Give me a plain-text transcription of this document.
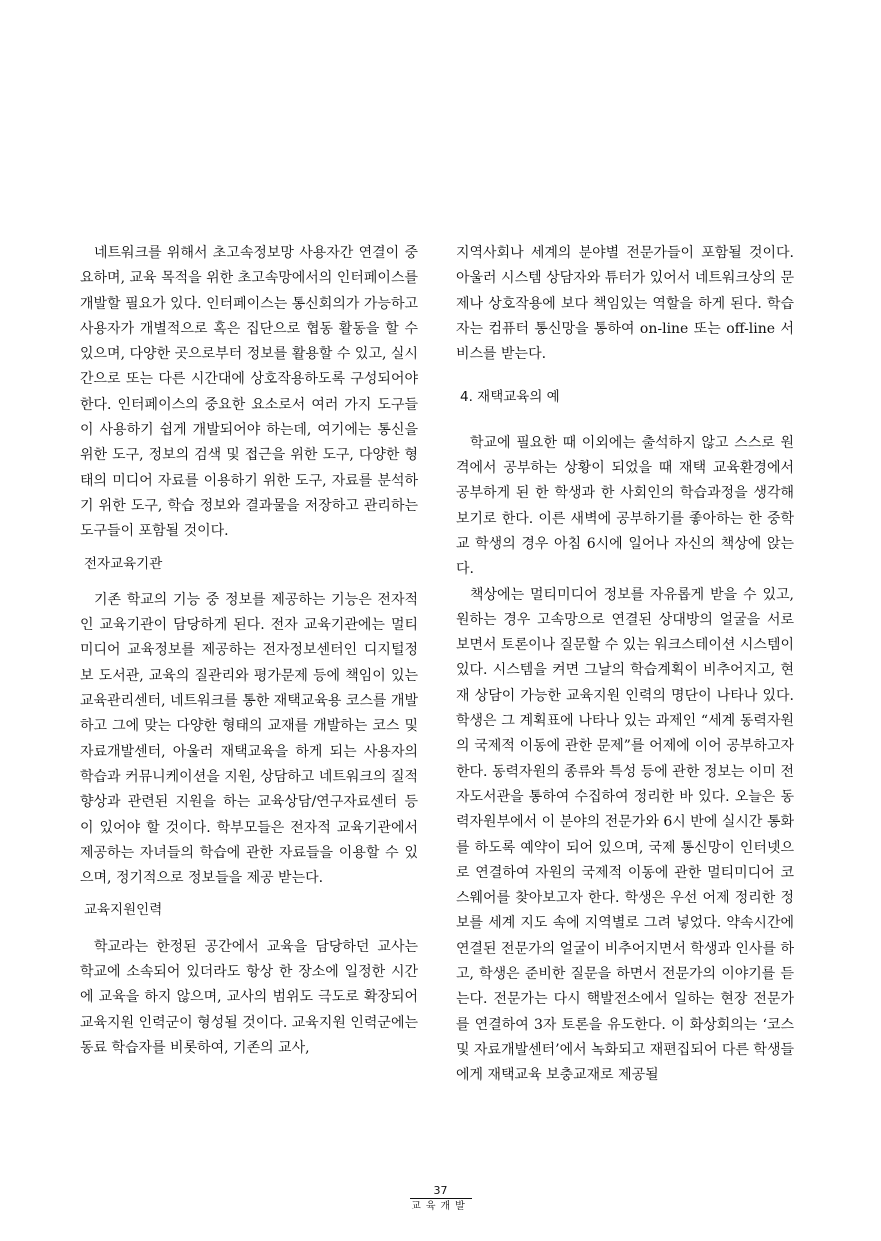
네트워크를 위해서 초고속정보망 사용자간 연결이 중요하며, 교육 목적을 위한 초고속망에서의 인터페이스를 개발할 필요가 있다. 인터페이스는 통신회의가 가능하고 사용자가 개별적으로 혹은 집단으로 협동 활동을 할 수 있으며, 다양한 곳으로부터 정보를 활용할 수 있고, 실시간으로 또는 다른 시간대에 상호작용하도록 구성되어야 한다. 인터페이스의 중요한 요소로서 여러 가지 도구들이 사용하기 쉽게 개발되어야 하는데, 여기에는 통신을 위한 도구, 정보의 검색 및 접근을 위한 도구, 다양한 형태의 미디어 자료를 이용하기 위한 도구, 자료를 분석하기 위한 도구, 학습 정보와 결과물을 저장하고 관리하는 도구들이 포함될 것이다.

전자교육기관

기존 학교의 기능 중 정보를 제공하는 기능은 전자적인 교육기관이 담당하게 된다. 전자 교육기관에는 멀티미디어 교육정보를 제공하는 전자정보센터인 디지털정보 도서관, 교육의 질관리와 평가문제 등에 책임이 있는 교육관리센터, 네트워크를 통한 재택교육용 코스를 개발하고 그에 맞는 다양한 형태의 교재를 개발하는 코스 및 자료개발센터, 아울러 재택교육을 하게 되는 사용자의 학습과 커뮤니케이션을 지원, 상담하고 네트워크의 질적 향상과 관련된 지원을 하는 교육상담/연구자료센터 등이 있어야 할 것이다. 학부모들은 전자적 교육기관에서 제공하는 자녀들의 학습에 관한 자료들을 이용할 수 있으며, 정기적으로 정보들을 제공 받는다.

교육지원인력

학교라는 한정된 공간에서 교육을 담당하던 교사는 학교에 소속되어 있더라도 항상 한 장소에 일정한 시간에 교육을 하지 않으며, 교사의 범위도 극도로 확장되어 교육지원 인력군이 형성될 것이다. 교육지원 인력군에는 동료 학습자를 비롯하여, 기존의 교사,

지역사회나 세계의 분야별 전문가들이 포함될 것이다. 아울러 시스템 상담자와 튜터가 있어서 네트워크상의 문제나 상호작용에 보다 책임있는 역할을 하게 된다. 학습자는 컴퓨터 통신망을 통하여 on-line 또는 off-line 서비스를 받는다.

4. 재택교육의 예

학교에 필요한 때 이외에는 출석하지 않고 스스로 원격에서 공부하는 상황이 되었을 때 재택 교육환경에서 공부하게 된 한 학생과 한 사회인의 학습과정을 생각해 보기로 한다. 이른 새벽에 공부하기를 좋아하는 한 중학교 학생의 경우 아침 6시에 일어나 자신의 책상에 앉는다.

책상에는 멀티미디어 정보를 자유롭게 받을 수 있고, 원하는 경우 고속망으로 연결된 상대방의 얼굴을 서로 보면서 토론이나 질문할 수 있는 워크스테이션 시스템이 있다. 시스템을 켜면 그날의 학습계획이 비추어지고, 현재 상담이 가능한 교육지원 인력의 명단이 나타나 있다. 학생은 그 계획표에 나타나 있는 과제인 “세계 동력자원의 국제적 이동에 관한 문제”를 어제에 이어 공부하고자 한다. 동력자원의 종류와 특성 등에 관한 정보는 이미 전자도서관을 통하여 수집하여 정리한 바 있다. 오늘은 동력자원부에서 이 분야의 전문가와 6시 반에 실시간 통화를 하도록 예약이 되어 있으며, 국제 통신망이 인터넷으로 연결하여 자원의 국제적 이동에 관한 멀티미디어 코스웨어를 찾아보고자 한다. 학생은 우선 어제 정리한 정보를 세계 지도 속에 지역별로 그려 넣었다. 약속시간에 연결된 전문가의 얼굴이 비추어지면서 학생과 인사를 하고, 학생은 준비한 질문을 하면서 전문가의 이야기를 듣는다. 전문가는 다시 핵발전소에서 일하는 현장 전문가를 연결하여 3자 토론을 유도한다. 이 화상회의는 ‘코스 및 자료개발센터’에서 녹화되고 재편집되어 다른 학생들에게 재택교육 보충교재로 제공될

37
교육개발
